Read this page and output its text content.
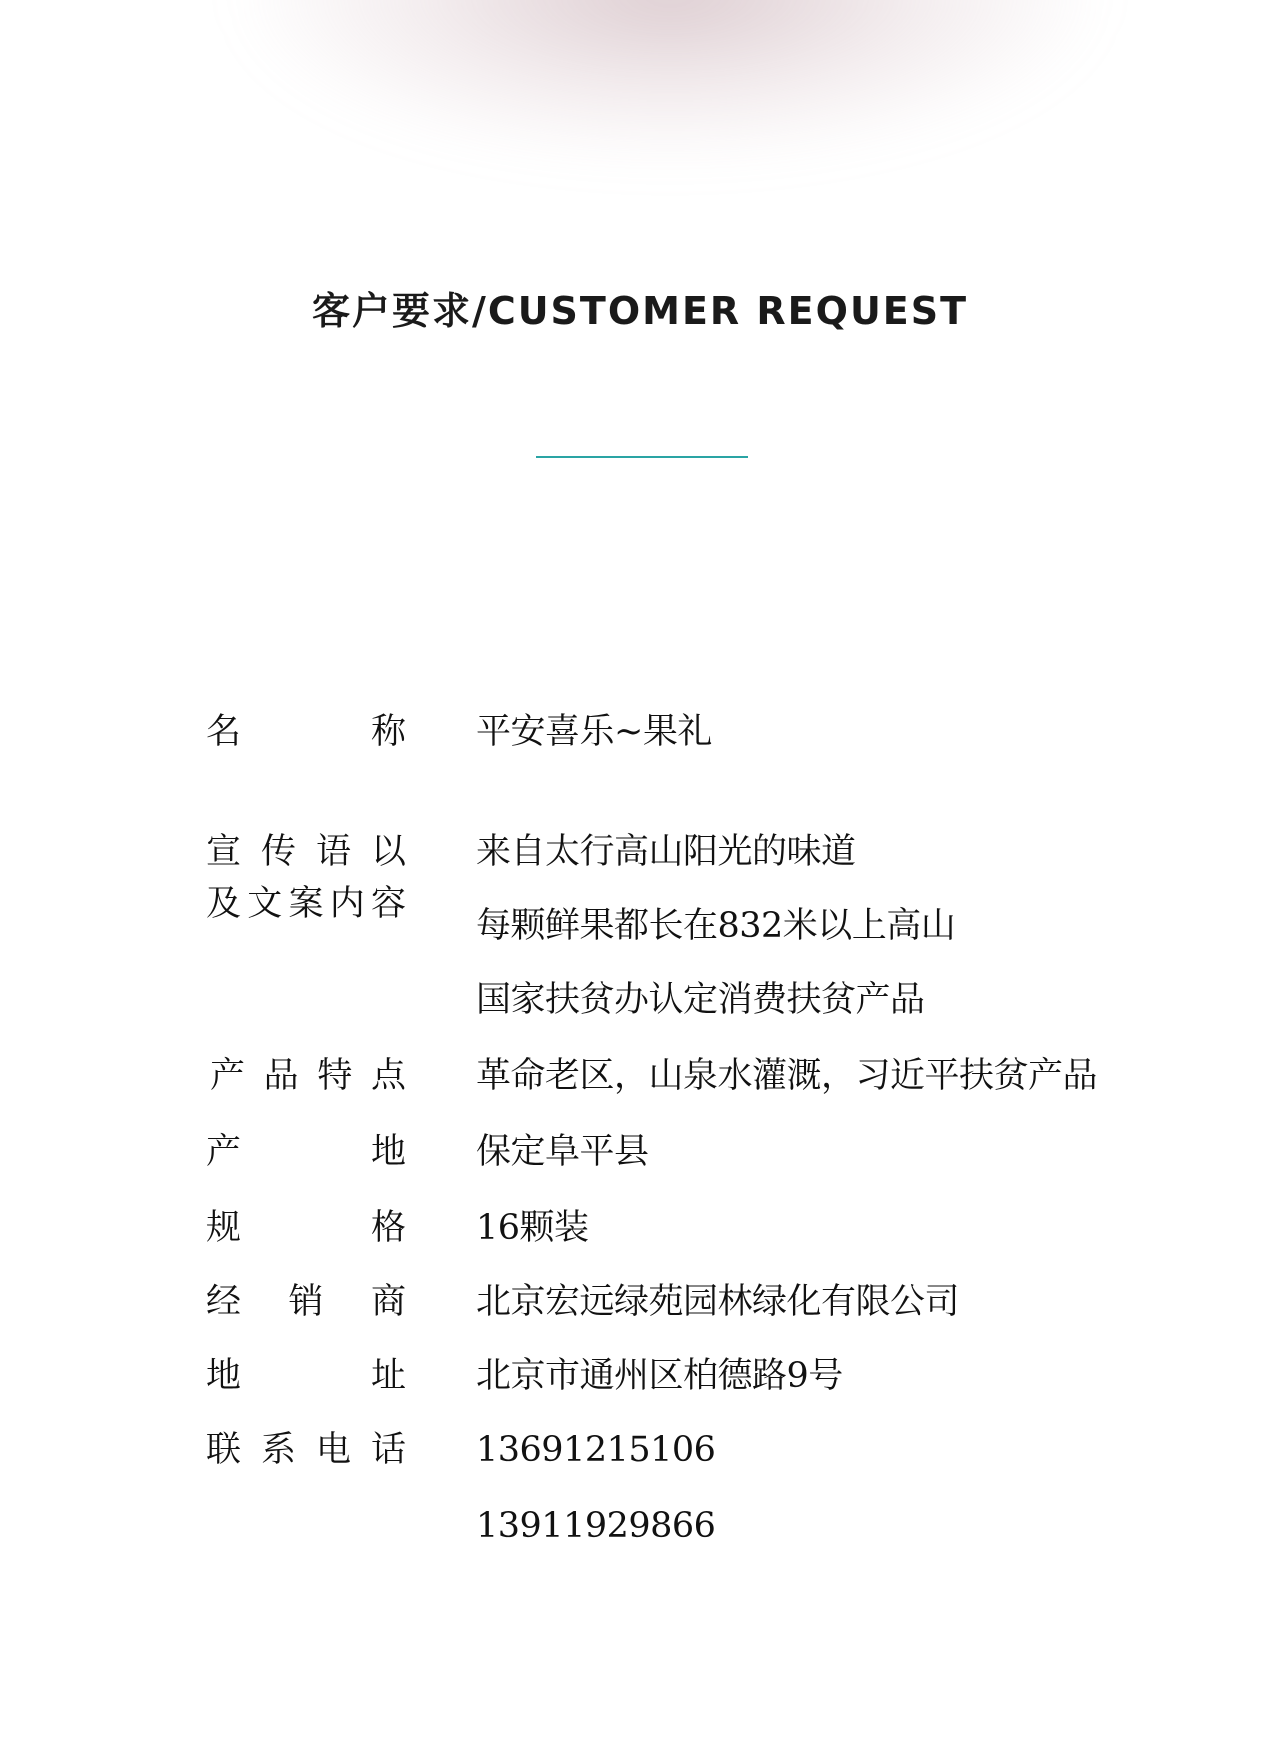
客户要求/CUSTOMER REQUEST
名	称 平安喜乐~果礼
宣 传 语 以
及 文 案 内 容
来自太行高山阳光的味道
每颗鲜果都长在832米以上高山
国家扶贫办认定消费扶贫产品
产 品 特 点 革命老区，山泉水灌溉，习近平扶贫产品
产	地 保定阜平县
规	格 16颗装
经 销 商 北京宏远绿苑园林绿化有限公司
地	址 北京市通州区柏德路9号
联 系 电 话 13691215106
13911929866
